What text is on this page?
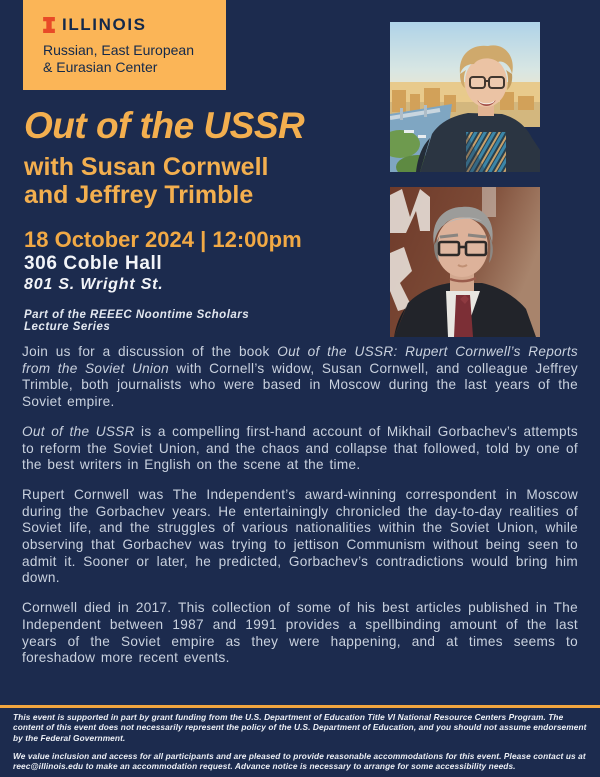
ILLINOIS
Russian, East European
& Eurasian Center
Out of the USSR
with Susan Cornwell
and Jeffrey Trimble
18 October 2024 | 12:00pm
306 Coble Hall
801 S. Wright St.
Part of the REEEC Noontime Scholars
Lecture Series

Join us for a discussion of the book Out of the USSR: Rupert Cornwell’s Reports from the Soviet Union with Cornell’s widow, Susan Cornwell, and colleague Jeffrey Trimble, both journalists who were based in Moscow during the last years of the Soviet empire.

Out of the USSR is a compelling first-hand account of Mikhail Gorbachev’s attempts to reform the Soviet Union, and the chaos and collapse that followed, told by one of the best writers in English on the scene at the time.

Rupert Cornwell was The Independent’s award-winning correspondent in Moscow during the Gorbachev years. He entertainingly chronicled the day-to-day realities of Soviet life, and the struggles of various nationalities within the Soviet Union, while observing that Gorbachev was trying to jettison Communism without being seen to admit it. Sooner or later, he predicted, Gorbachev’s contradictions would bring him down.

Cornwell died in 2017. This collection of some of his best articles published in The Independent between 1987 and 1991 provides a spellbinding amount of the last years of the Soviet empire as they were happening, and at times seems to foreshadow more recent events.

This event is supported in part by grant funding from the U.S. Department of Education Title VI National Resource Centers Program. The content of this event does not necessarily represent the policy of the U.S. Department of Education, and you should not assume endorsement by the Federal Government.

We value inclusion and access for all participants and are pleased to provide reasonable accommodations for this event. Please contact us at reec@illinois.edu to make an accommodation request. Advance notice is necessary to arrange for some accessibility needs.
